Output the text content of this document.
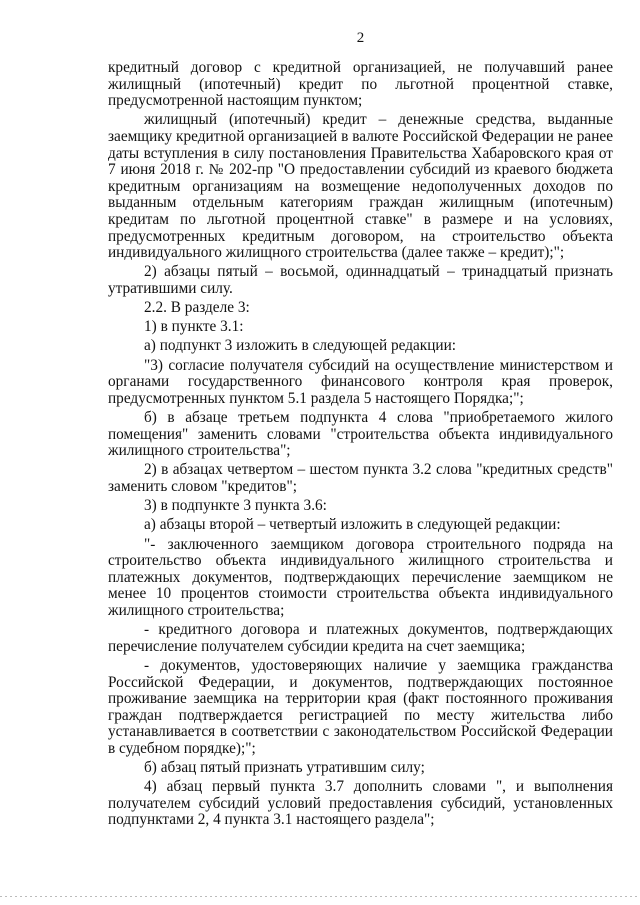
2

кредитный договор с кредитной организацией, не получавший ранее жилищный (ипотечный) кредит по льготной процентной ставке, предусмотренной настоящим пунктом;

жилищный (ипотечный) кредит – денежные средства, выданные заемщику кредитной организацией в валюте Российской Федерации не ранее даты вступления в силу постановления Правительства Хабаровского края от 7 июня 2018 г. № 202-пр "О предоставлении субсидий из краевого бюджета кредитным организациям на возмещение недополученных доходов по выданным отдельным категориям граждан жилищным (ипотечным) кредитам по льготной процентной ставке" в размере и на условиях, предусмотренных кредитным договором, на строительство объекта индивидуального жилищного строительства (далее также – кредит);";

2) абзацы пятый – восьмой, одиннадцатый – тринадцатый признать утратившими силу.

2.2. В разделе 3:

1) в пункте 3.1:

а) подпункт 3 изложить в следующей редакции:

"3) согласие получателя субсидий на осуществление министерством и органами государственного финансового контроля края проверок, предусмотренных пунктом 5.1 раздела 5 настоящего Порядка;";

б) в абзаце третьем подпункта 4 слова "приобретаемого жилого помещения" заменить словами "строительства объекта индивидуального жилищного строительства";

2) в абзацах четвертом – шестом пункта 3.2 слова "кредитных средств" заменить словом "кредитов";

3) в подпункте 3 пункта 3.6:

а) абзацы второй – четвертый изложить в следующей редакции:

"- заключенного заемщиком договора строительного подряда на строительство объекта индивидуального жилищного строительства и платежных документов, подтверждающих перечисление заемщиком не менее 10 процентов стоимости строительства объекта индивидуального жилищного строительства;

- кредитного договора и платежных документов, подтверждающих перечисление получателем субсидии кредита на счет заемщика;

- документов, удостоверяющих наличие у заемщика гражданства Российской Федерации, и документов, подтверждающих постоянное проживание заемщика на территории края (факт постоянного проживания граждан подтверждается регистрацией по месту жительства либо устанавливается в соответствии с законодательством Российской Федерации в судебном порядке);";

б) абзац пятый признать утратившим силу;

4) абзац первый пункта 3.7 дополнить словами ", и выполнения получателем субсидий условий предоставления субсидий, установленных подпунктами 2, 4 пункта 3.1 настоящего раздела";
